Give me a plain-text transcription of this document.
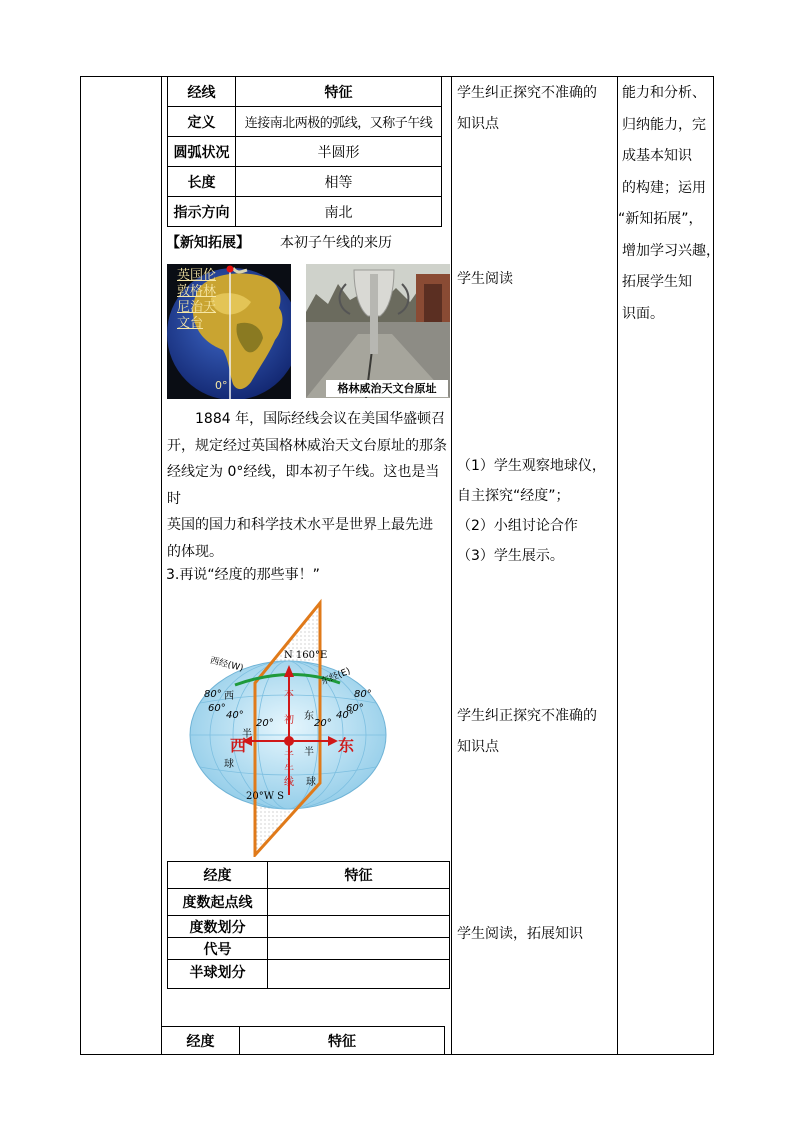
经线	特征
定义	连接南北两极的弧线，又称子午线
圆弧状况	半圆形
长度	相等
指示方向	南北
【新知拓展】 本初子午线的来历
英国伦
敦格林
尼治天
文台
0°	格林威治天文台原址
1884 年，国际经线会议在美国华盛顿召
开，规定经过英国格林威治天文台原址的那条
经线定为 0°经线，即本初子午线。这也是当时
英国的国力和科学技术水平是世界上最先进
的体现。
3.再说“经度的那些事！”
N 160°E
20°W S
西经(W)
东经(E)
西	东
80°
60°
40°
20°
80°
60°
40°
20°
西
半
球
东
半
球
本
初
子
午
线
经度	特征
度数起点线	
度数划分	
代号	
半球划分	
经度	特征
学生纠正探究不准确的
知识点
学生阅读
（1）学生观察地球仪，
自主探究“经度”；
（2）小组讨论合作
（3）学生展示。
学生纠正探究不准确的
知识点
学生阅读，拓展知识
能力和分析、
归纳能力，完
成基本知识
的构建；运用
“新知拓展”，
增加学习兴趣，
拓展学生知
识面。
